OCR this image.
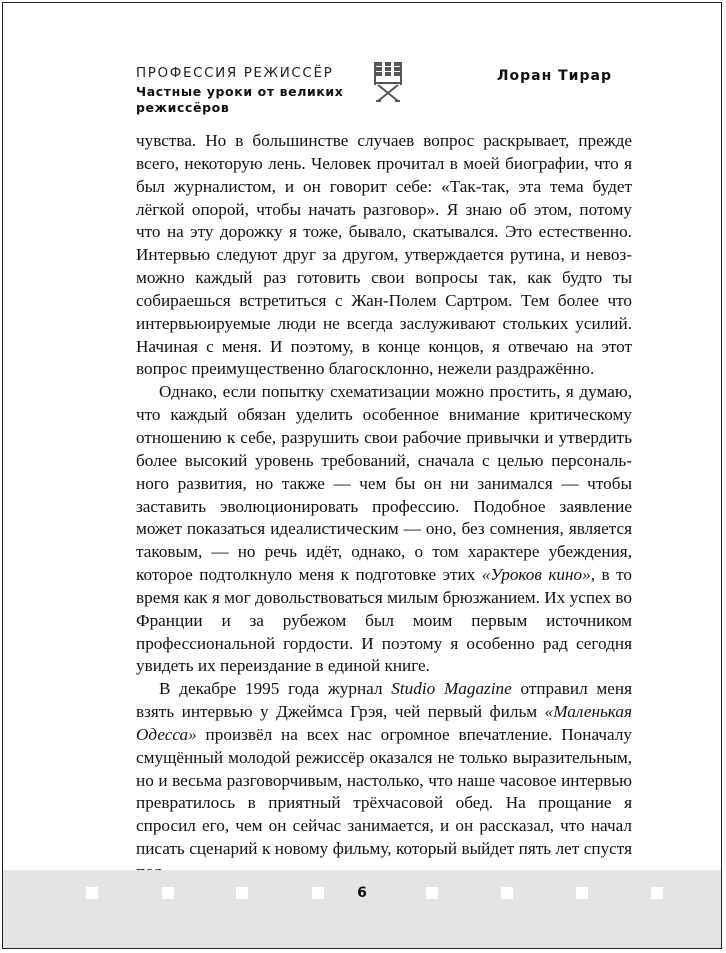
ПРОФЕССИЯ РЕЖИССЁР
Частные уроки от великих режиссёров
Лоран Тирар

чувства. Но в большинстве случаев вопрос раскрывает, прежде всего, некоторую лень. Человек прочитал в моей биографии, что я был журналистом, и он говорит себе: «Так-так, эта тема будет лёгкой опорой, чтобы начать разговор». Я знаю об этом, потому что на эту дорожку я тоже, бывало, скатывался. Это естественно. Интервью следуют друг за другом, утверждается рутина, и невозможно каждый раз готовить свои вопросы так, как будто ты собираешься встретиться с Жан-Полем Сартром. Тем более что интервьюируемые люди не всегда заслуживают стольких усилий. Начиная с меня. И поэтому, в конце концов, я отвечаю на этот вопрос преимущественно благосклонно, нежели раздражённо.

Однако, если попытку схематизации можно простить, я думаю, что каждый обязан уделить особенное внимание критическому отношению к себе, разрушить свои рабочие привычки и утвердить более высокий уровень требований, сначала с целью персонального развития, но также — чем бы он ни занимался — чтобы заставить эволюционировать профессию. Подобное заявление может показаться идеалистическим — оно, без сомнения, является таковым, — но речь идёт, однако, о том характере убеждения, которое подтолкнуло меня к подготовке этих «Уроков кино», в то время как я мог довольствоваться милым брюзжанием. Их успех во Франции и за рубежом был моим первым источником профессиональной гордости. И поэтому я особенно рад сегодня увидеть их переиздание в единой книге.

В декабре 1995 года журнал Studio Magazine отправил меня взять интервью у Джеймса Грэя, чей первый фильм «Маленькая Одесса» произвёл на всех нас огромное впечатление. Поначалу смущённый молодой режиссёр оказался не только выразительным, но и весьма разговорчивым, настолько, что наше часовое интервью превратилось в приятный трёхчасовой обед. На прощание я спросил его, чем он сейчас занимается, и он рассказал, что начал писать сценарий к новому фильму, который выйдет пять лет спустя

6
